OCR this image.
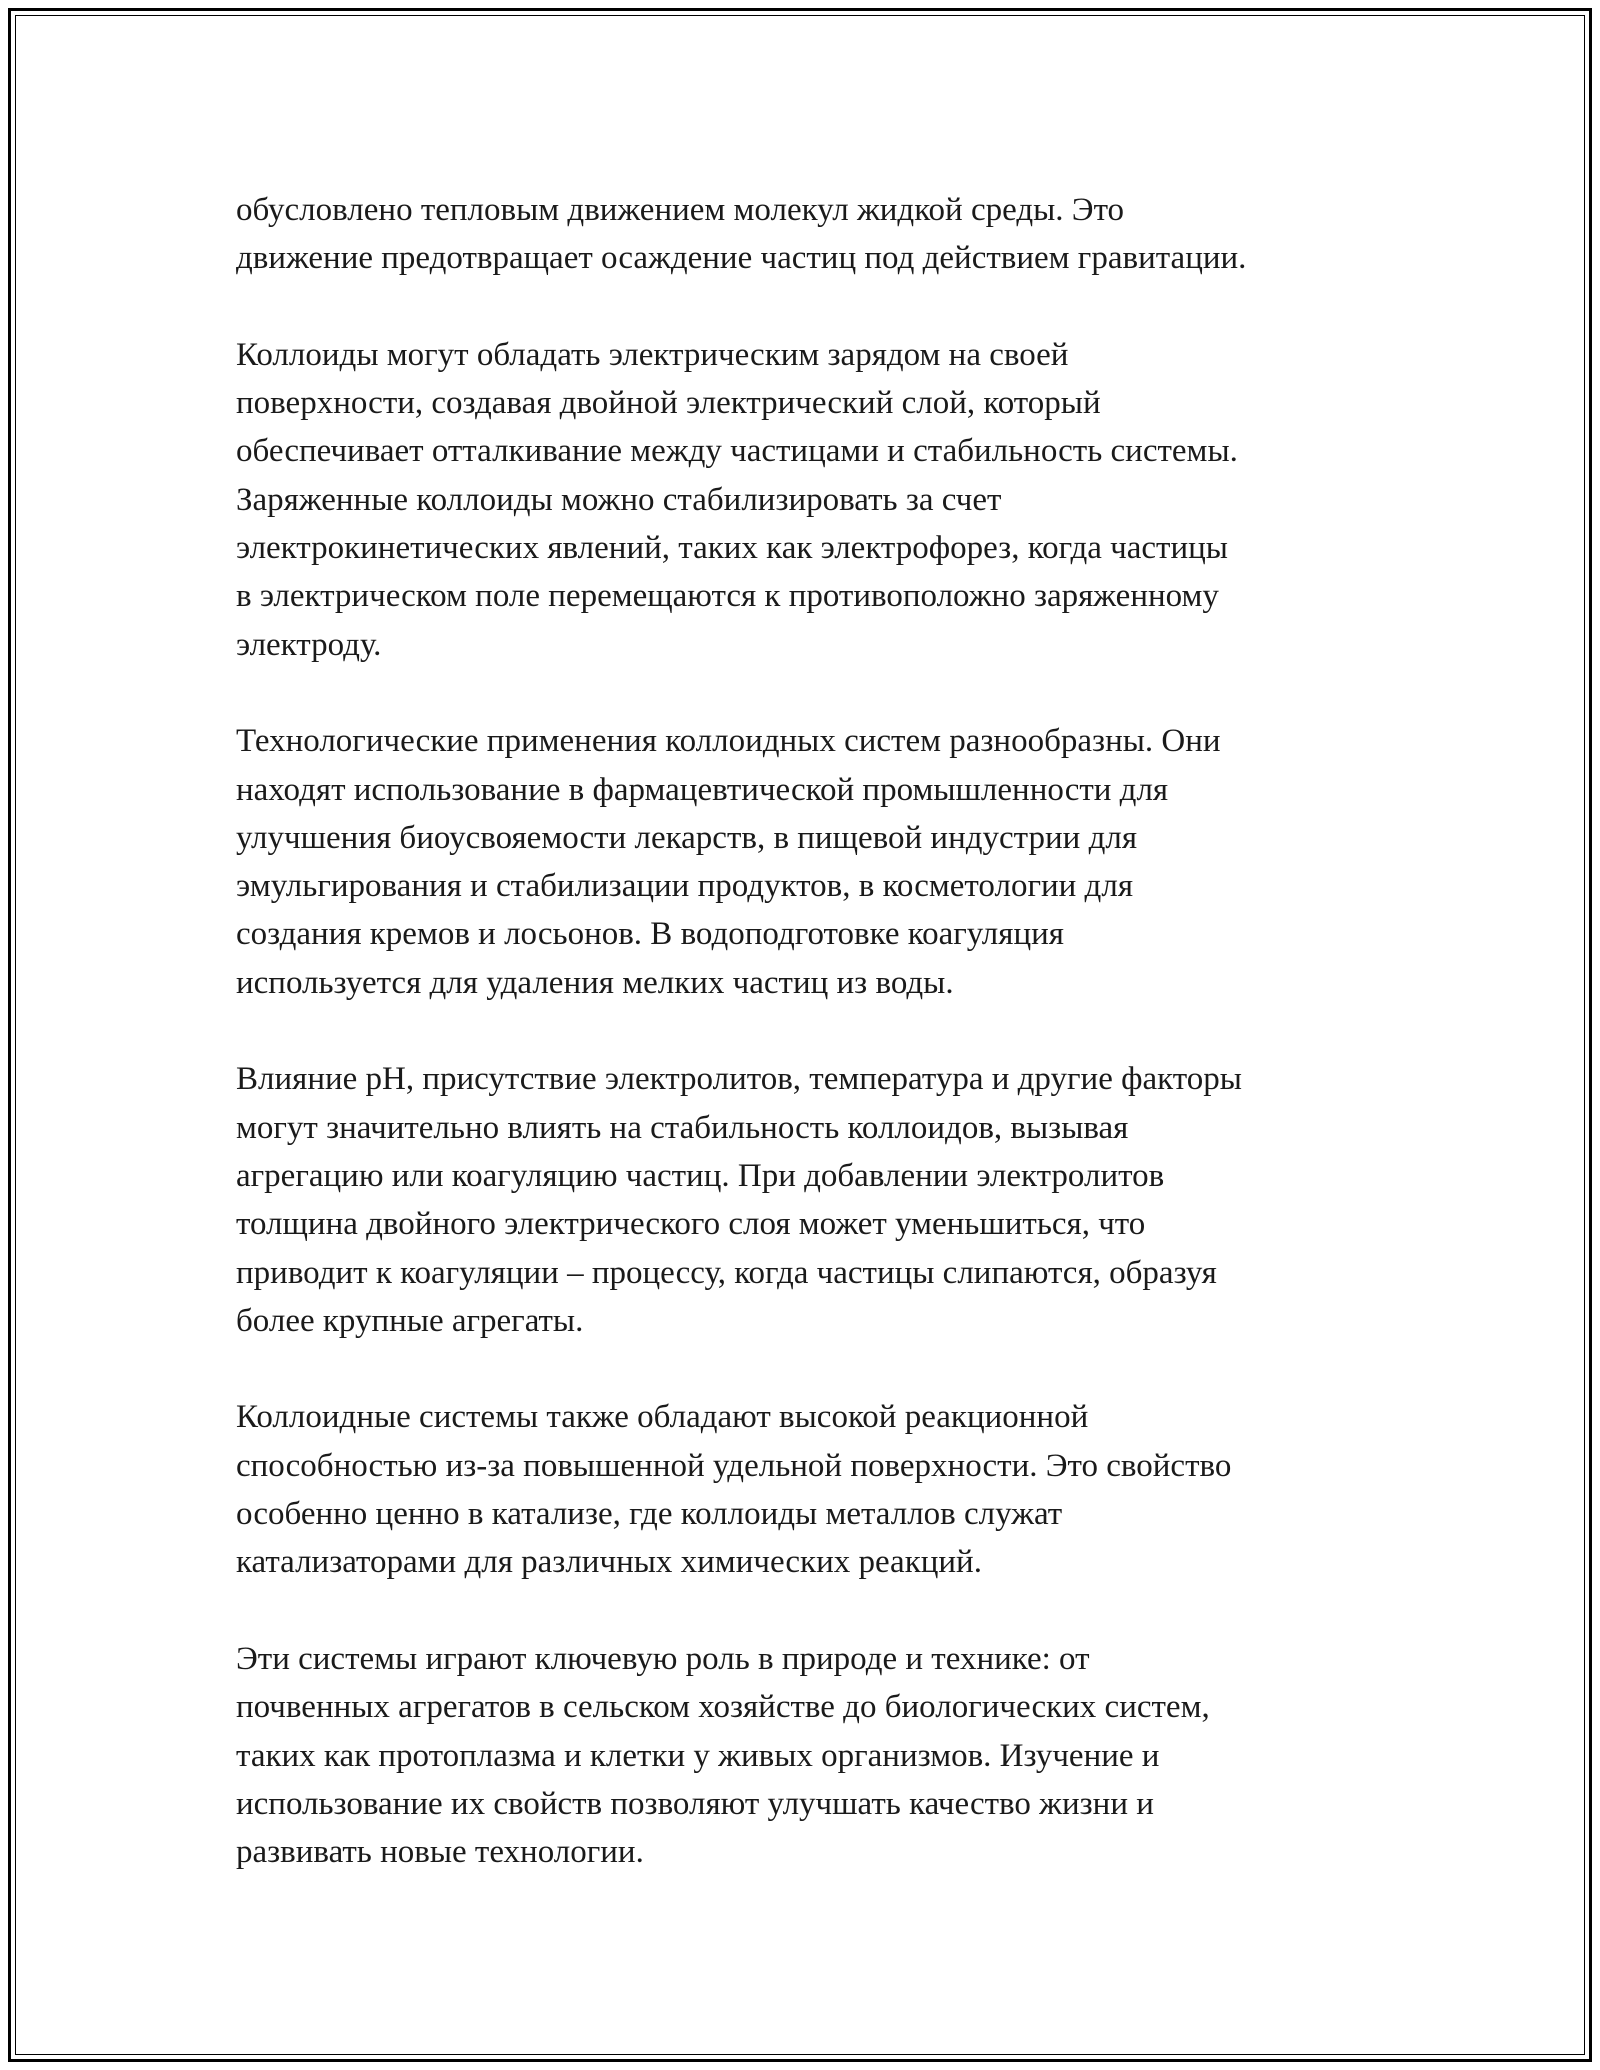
обусловлено тепловым движением молекул жидкой среды. Это
движение предотвращает осаждение частиц под действием гравитации.

Коллоиды могут обладать электрическим зарядом на своей
поверхности, создавая двойной электрический слой, который
обеспечивает отталкивание между частицами и стабильность системы.
Заряженные коллоиды можно стабилизировать за счет
электрокинетических явлений, таких как электрофорез, когда частицы
в электрическом поле перемещаются к противоположно заряженному
электроду.

Технологические применения коллоидных систем разнообразны. Они
находят использование в фармацевтической промышленности для
улучшения биоусвояемости лекарств, в пищевой индустрии для
эмульгирования и стабилизации продуктов, в косметологии для
создания кремов и лосьонов. В водоподготовке коагуляция
используется для удаления мелких частиц из воды.

Влияние pH, присутствие электролитов, температура и другие факторы
могут значительно влиять на стабильность коллоидов, вызывая
агрегацию или коагуляцию частиц. При добавлении электролитов
толщина двойного электрического слоя может уменьшиться, что
приводит к коагуляции – процессу, когда частицы слипаются, образуя
более крупные агрегаты.

Коллоидные системы также обладают высокой реакционной
способностью из-за повышенной удельной поверхности. Это свойство
особенно ценно в катализе, где коллоиды металлов служат
катализаторами для различных химических реакций.

Эти системы играют ключевую роль в природе и технике: от
почвенных агрегатов в сельском хозяйстве до биологических систем,
таких как протоплазма и клетки у живых организмов. Изучение и
использование их свойств позволяют улучшать качество жизни и
развивать новые технологии.
